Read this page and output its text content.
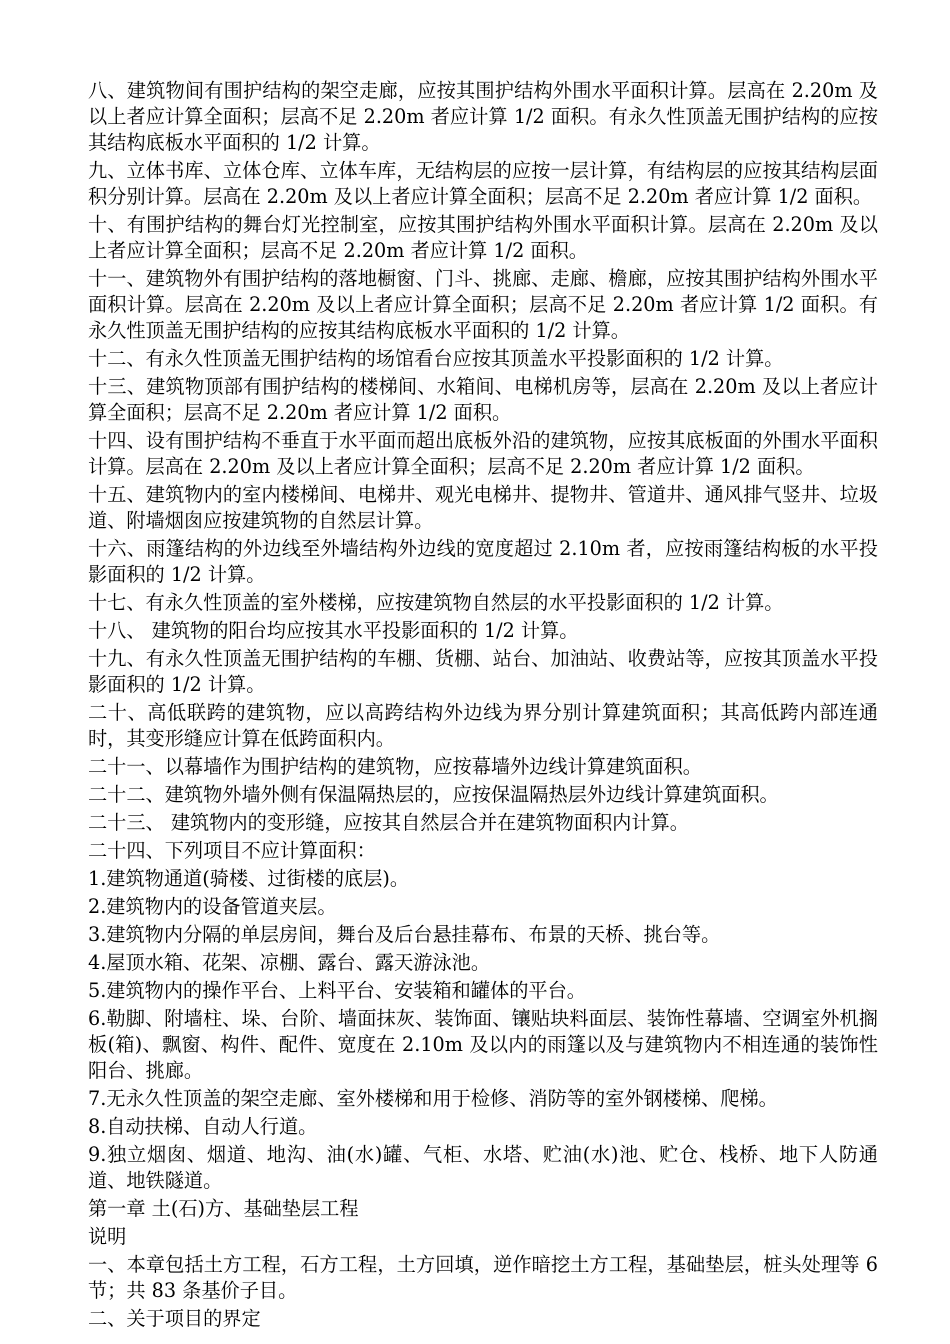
八、建筑物间有围护结构的架空走廊，应按其围护结构外围水平面积计算。层高在 2.20m 及以上者应计算全面积；层高不足 2.20m 者应计算 1/2 面积。有永久性顶盖无围护结构的应按其结构底板水平面积的 1/2 计算。

九、立体书库、立体仓库、立体车库，无结构层的应按一层计算，有结构层的应按其结构层面积分别计算。层高在 2.20m 及以上者应计算全面积；层高不足 2.20m 者应计算 1/2 面积。

十、有围护结构的舞台灯光控制室，应按其围护结构外围水平面积计算。层高在 2.20m 及以上者应计算全面积；层高不足 2.20m 者应计算 1/2 面积。

十一、建筑物外有围护结构的落地橱窗、门斗、挑廊、走廊、檐廊，应按其围护结构外围水平面积计算。层高在 2.20m 及以上者应计算全面积；层高不足 2.20m 者应计算 1/2 面积。有永久性顶盖无围护结构的应按其结构底板水平面积的 1/2 计算。

十二、有永久性顶盖无围护结构的场馆看台应按其顶盖水平投影面积的 1/2 计算。

十三、建筑物顶部有围护结构的楼梯间、水箱间、电梯机房等，层高在 2.20m 及以上者应计算全面积；层高不足 2.20m 者应计算 1/2 面积。

十四、设有围护结构不垂直于水平面而超出底板外沿的建筑物，应按其底板面的外围水平面积计算。层高在 2.20m 及以上者应计算全面积；层高不足 2.20m 者应计算 1/2 面积。

十五、建筑物内的室内楼梯间、电梯井、观光电梯井、提物井、管道井、通风排气竖井、垃圾道、附墙烟囱应按建筑物的自然层计算。

十六、雨篷结构的外边线至外墙结构外边线的宽度超过 2.10m 者，应按雨篷结构板的水平投影面积的 1/2 计算。

十七、有永久性顶盖的室外楼梯，应按建筑物自然层的水平投影面积的 1/2 计算。

十八、 建筑物的阳台均应按其水平投影面积的 1/2 计算。

十九、有永久性顶盖无围护结构的车棚、货棚、站台、加油站、收费站等，应按其顶盖水平投影面积的 1/2 计算。

二十、高低联跨的建筑物，应以高跨结构外边线为界分别计算建筑面积；其高低跨内部连通时，其变形缝应计算在低跨面积内。

二十一、以幕墙作为围护结构的建筑物，应按幕墙外边线计算建筑面积。

二十二、建筑物外墙外侧有保温隔热层的，应按保温隔热层外边线计算建筑面积。

二十三、 建筑物内的变形缝，应按其自然层合并在建筑物面积内计算。

二十四、下列项目不应计算面积：

1.建筑物通道(骑楼、过街楼的底层)。

2.建筑物内的设备管道夹层。

3.建筑物内分隔的单层房间，舞台及后台悬挂幕布、布景的天桥、挑台等。

4.屋顶水箱、花架、凉棚、露台、露天游泳池。

5.建筑物内的操作平台、上料平台、安装箱和罐体的平台。

6.勒脚、附墙柱、垛、台阶、墙面抹灰、装饰面、镶贴块料面层、装饰性幕墙、空调室外机搁板(箱)、飘窗、构件、配件、宽度在 2.10m 及以内的雨篷以及与建筑物内不相连通的装饰性阳台、挑廊。

7.无永久性顶盖的架空走廊、室外楼梯和用于检修、消防等的室外钢楼梯、爬梯。

8.自动扶梯、自动人行道。

9.独立烟囱、烟道、地沟、油(水)罐、气柜、水塔、贮油(水)池、贮仓、栈桥、地下人防通道、地铁隧道。

第一章 土(石)方、基础垫层工程

说明

一、本章包括土方工程，石方工程，土方回填，逆作暗挖土方工程，基础垫层，桩头处理等 6 节；共 83 条基价子目。

二、关于项目的界定
